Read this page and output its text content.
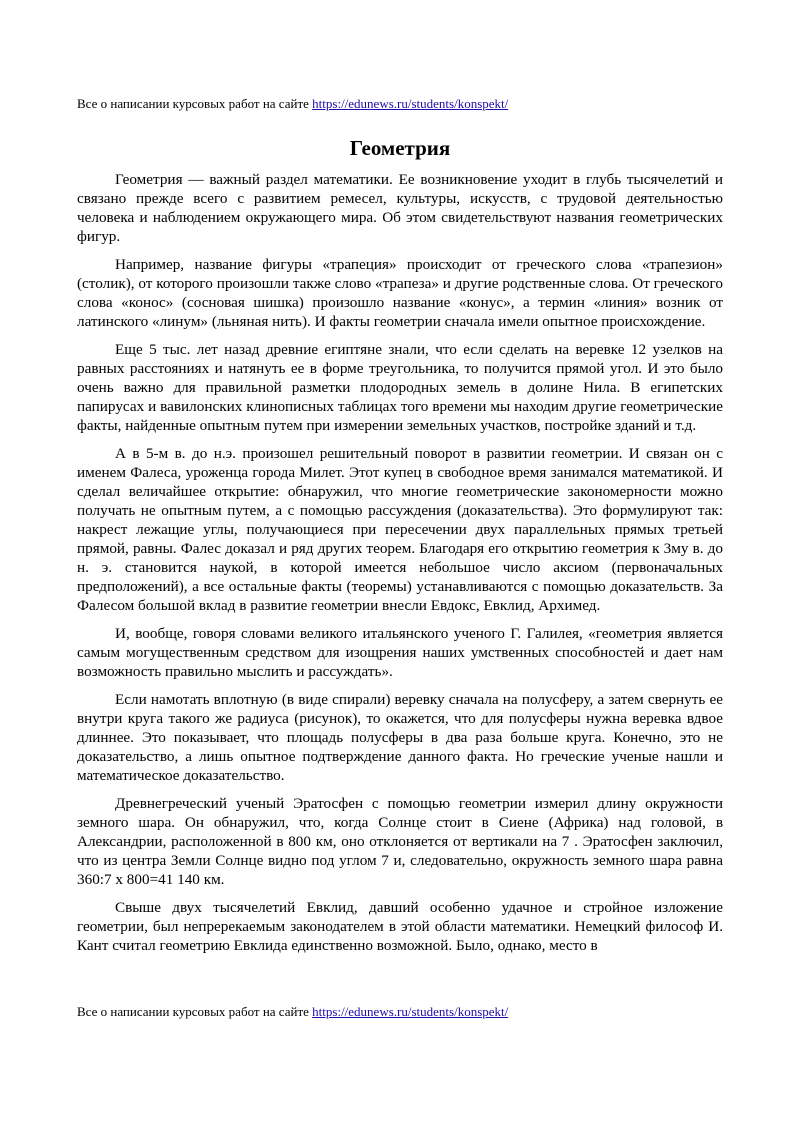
Все о написании курсовых работ на сайте https://edunews.ru/students/konspekt/
Геометрия

Геометрия — важный раздел математики. Ее возникновение уходит в глубь тысячелетий и связано прежде всего с развитием ремесел, культуры, искусств, с трудовой деятельностью человека и наблюдением окружающего мира. Об этом свидетельствуют названия геометрических фигур.

Например, название фигуры «трапеция» происходит от греческого слова «трапезион» (столик), от которого произошли также слово «трапеза» и другие родственные слова. От греческого слова «конос» (сосновая шишка) произошло название «конус», а термин «линия» возник от латинского «линум» (льняная нить). И факты геометрии сначала имели опытное происхождение.

Еще 5 тыс. лет назад древние египтяне знали, что если сделать на веревке 12 узелков на равных расстояниях и натянуть ее в форме треугольника, то получится прямой угол. И это было очень важно для правильной разметки плодородных земель в долине Нила. В египетских папирусах и вавилонских клинописных таблицах того времени мы находим другие геометрические факты, найденные опытным путем при измерении земельных участков, постройке зданий и т.д.

А в 5-м в. до н.э. произошел решительный поворот в развитии геометрии. И связан он с именем Фалеса, уроженца города Милет. Этот купец в свободное время занимался математикой. И сделал величайшее открытие: обнаружил, что многие геометрические закономерности можно получать не опытным путем, а с помощью рассуждения (доказательства). Это формулируют так: накрест лежащие углы, получающиеся при пересечении двух параллельных прямых третьей прямой, равны. Фалес доказал и ряд других теорем. Благодаря его открытию геометрия к 3му в. до н. э. становится наукой, в которой имеется небольшое число аксиом (первоначальных предположений), а все остальные факты (теоремы) устанавливаются с помощью доказательств. За Фалесом большой вклад в развитие геометрии внесли Евдокс, Евклид, Архимед.

И, вообще, говоря словами великого итальянского ученого Г. Галилея, «геометрия является самым могущественным средством для изощрения наших умственных способностей и дает нам возможность правильно мыслить и рассуждать».

Если намотать вплотную (в виде спирали) веревку сначала на полусферу, а затем свернуть ее внутри круга такого же радиуса (рисунок), то окажется, что для полусферы нужна веревка вдвое длиннее. Это показывает, что площадь полусферы в два раза больше круга. Конечно, это не доказательство, а лишь опытное подтверждение данного факта. Но греческие ученые нашли и математическое доказательство.

Древнегреческий ученый Эратосфен с помощью геометрии измерил длину окружности земного шара. Он обнаружил, что, когда Солнце стоит в Сиене (Африка) над головой, в Александрии, расположенной в 800 км, оно отклоняется от вертикали на 7 . Эратосфен заключил, что из центра Земли Солнце видно под углом 7 и, следовательно, окружность земного шара равна 360:7 х 800=41 140 км.

Свыше двух тысячелетий Евклид, давший особенно удачное и стройное изложение геометрии, был непререкаемым законодателем в этой области математики. Немецкий философ И. Кант считал геометрию Евклида единственно возможной. Было, однако, место в

Все о написании курсовых работ на сайте https://edunews.ru/students/konspekt/
